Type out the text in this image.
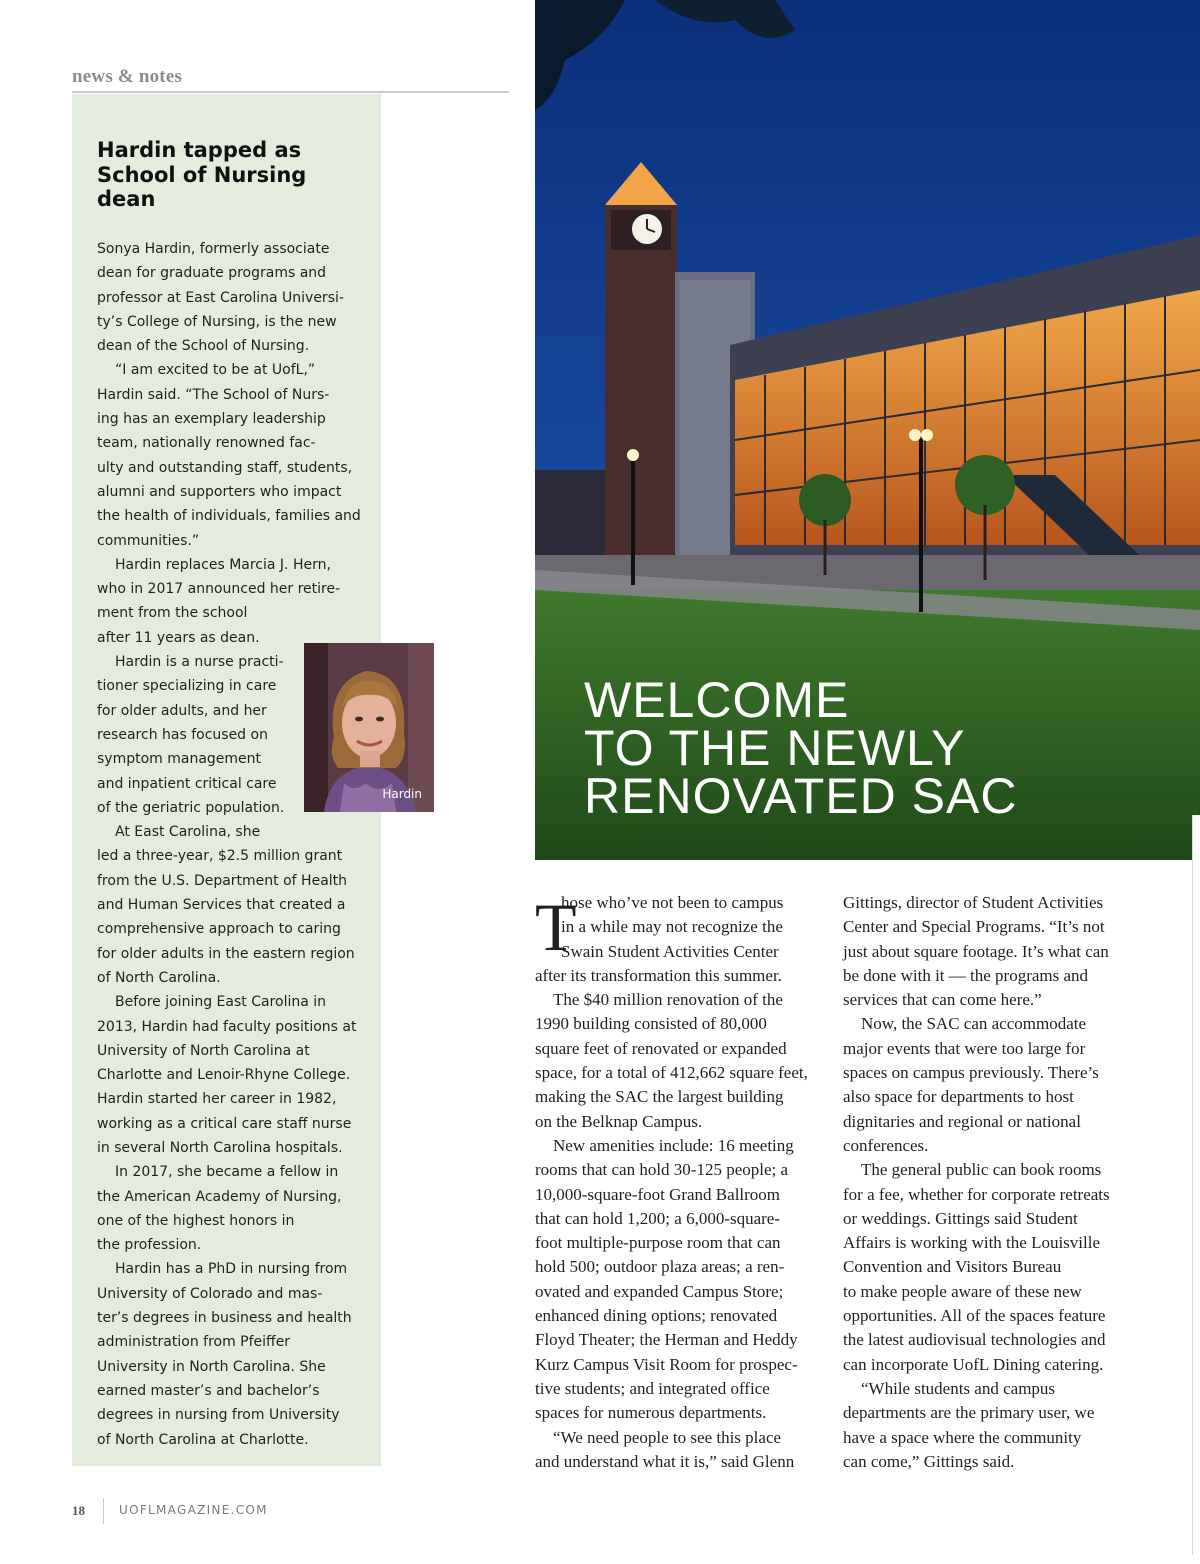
news & notes
Hardin tapped as
School of Nursing
dean
Sonya Hardin, formerly associate
dean for graduate programs and
professor at East Carolina Universi-
ty’s College of Nursing, is the new
dean of the School of Nursing.
“I am excited to be at UofL,”
Hardin said. “The School of Nurs-
ing has an exemplary leadership
team, nationally renowned fac-
ulty and outstanding staff, students,
alumni and supporters who impact
the health of individuals, families and
communities.”
Hardin replaces Marcia J. Hern,
who in 2017 announced her retire-
ment from the school
after 11 years as dean.
Hardin is a nurse practi-
tioner specializing in care
for older adults, and her
research has focused on
symptom management
and inpatient critical care
of the geriatric population.
At East Carolina, she
led a three-year, $2.5 million grant
from the U.S. Department of Health
and Human Services that created a
comprehensive approach to caring
for older adults in the eastern region
of North Carolina.
Before joining East Carolina in
2013, Hardin had faculty positions at
University of North Carolina at
Charlotte and Lenoir-Rhyne College.
Hardin started her career in 1982,
working as a critical care staff nurse
in several North Carolina hospitals.
In 2017, she became a fellow in
the American Academy of Nursing,
one of the highest honors in
the profession.
Hardin has a PhD in nursing from
University of Colorado and mas-
ter’s degrees in business and health
administration from Pfeiffer
University in North Carolina. She
earned master’s and bachelor’s
degrees in nursing from University
of North Carolina at Charlotte.
Hardin
WELCOME
TO THE NEWLY
RENOVATED SAC
T
hose who’ve not been to campus
in a while may not recognize the
Swain Student Activities Center
after its transformation this summer.
The $40 million renovation of the
1990 building consisted of 80,000
square feet of renovated or expanded
space, for a total of 412,662 square feet,
making the SAC the largest building
on the Belknap Campus.
New amenities include: 16 meeting
rooms that can hold 30-125 people; a
10,000-square-foot Grand Ballroom
that can hold 1,200; a 6,000-square-
foot multiple-purpose room that can
hold 500; outdoor plaza areas; a ren-
ovated and expanded Campus Store;
enhanced dining options; renovated
Floyd Theater; the Herman and Heddy
Kurz Campus Visit Room for prospec-
tive students; and integrated office
spaces for numerous departments.
“We need people to see this place
and understand what it is,” said Glenn
Gittings, director of Student Activities
Center and Special Programs. “It’s not
just about square footage. It’s what can
be done with it — the programs and
services that can come here.”
Now, the SAC can accommodate
major events that were too large for
spaces on campus previously. There’s
also space for departments to host
dignitaries and regional or national
conferences.
The general public can book rooms
for a fee, whether for corporate retreats
or weddings. Gittings said Student
Affairs is working with the Louisville
Convention and Visitors Bureau
to make people aware of these new
opportunities. All of the spaces feature
the latest audiovisual technologies and
can incorporate UofL Dining catering.
“While students and campus
departments are the primary user, we
have a space where the community
can come,” Gittings said.
18	UOFLMAGAZINE.COM
